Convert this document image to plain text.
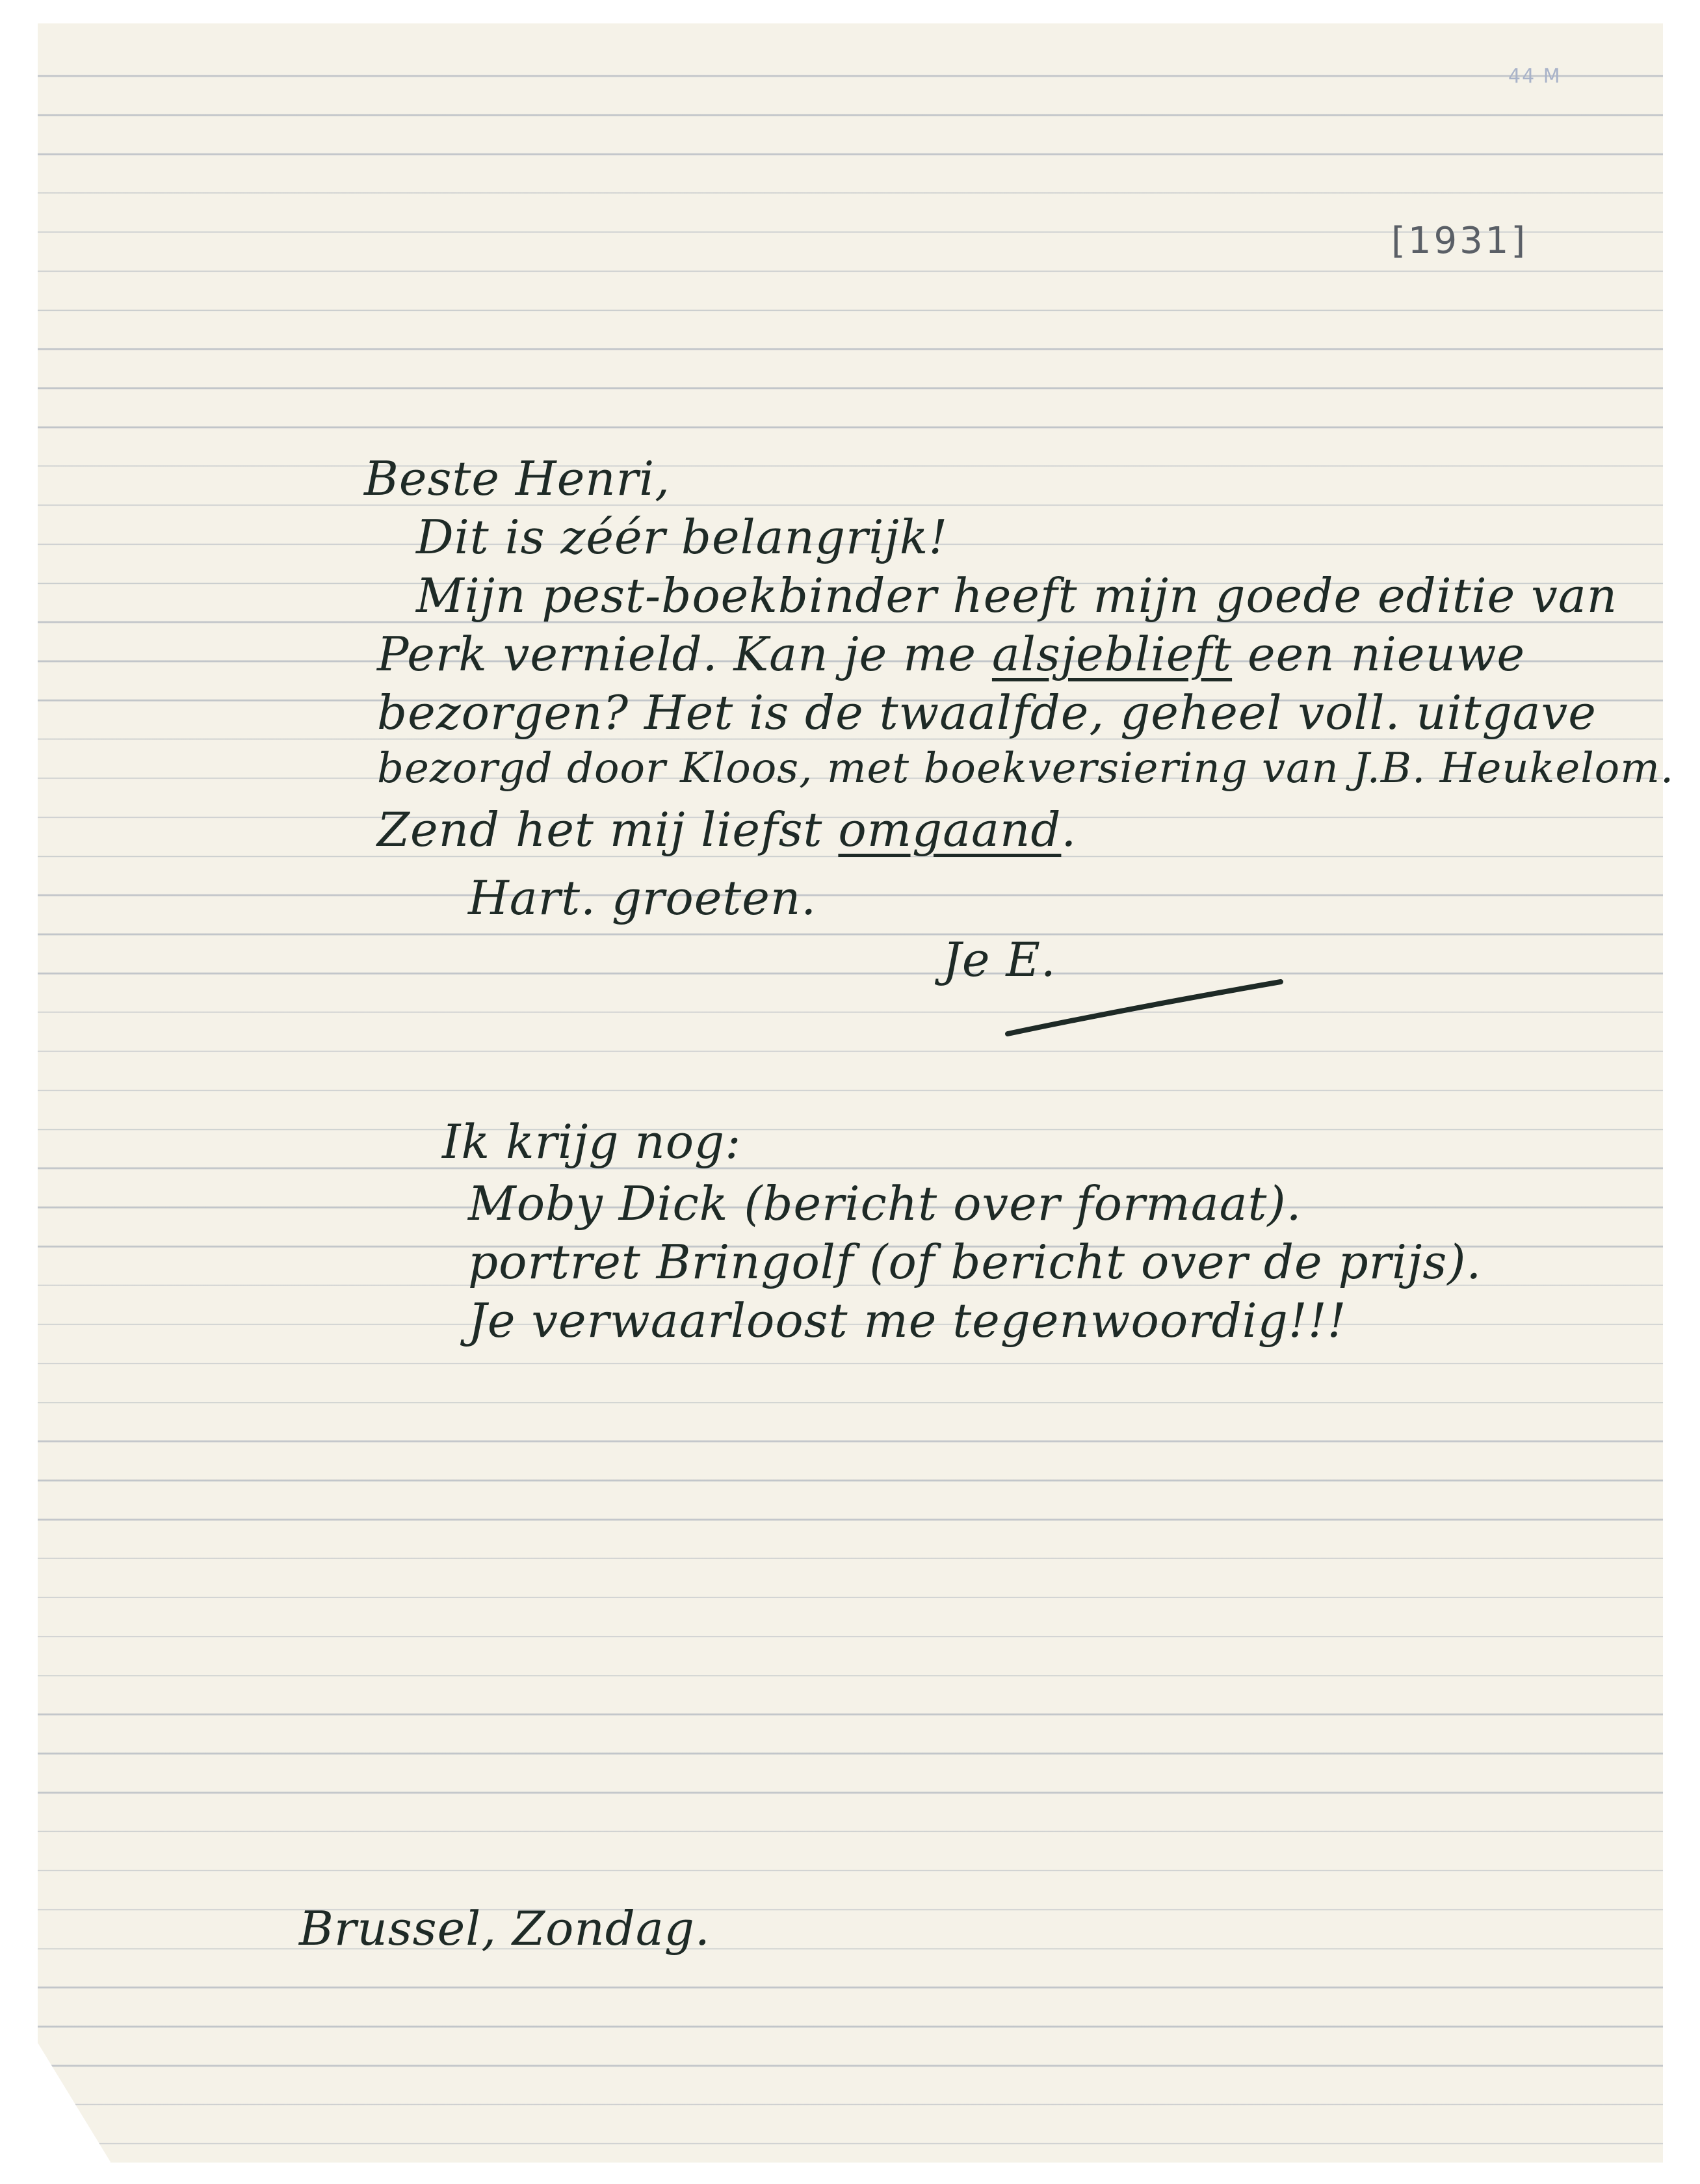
44 M
[1931]
Beste Henri,
Dit is zéér belangrijk!
Mijn pest-boekbinder heeft mijn goede editie van
Perk vernield. Kan je me alsjeblieft een nieuwe
bezorgen? Het is de twaalfde, geheel voll. uitgave
bezorgd door Kloos, met boekversiering van J.B. Heukelom.
Zend het mij liefst omgaand.
Hart. groeten.
Je E.
Ik krijg nog:
Moby Dick (bericht over formaat).
portret Bringolf (of bericht over de prijs).
Je verwaarloost me tegenwoordig!!!
Brussel, Zondag.
